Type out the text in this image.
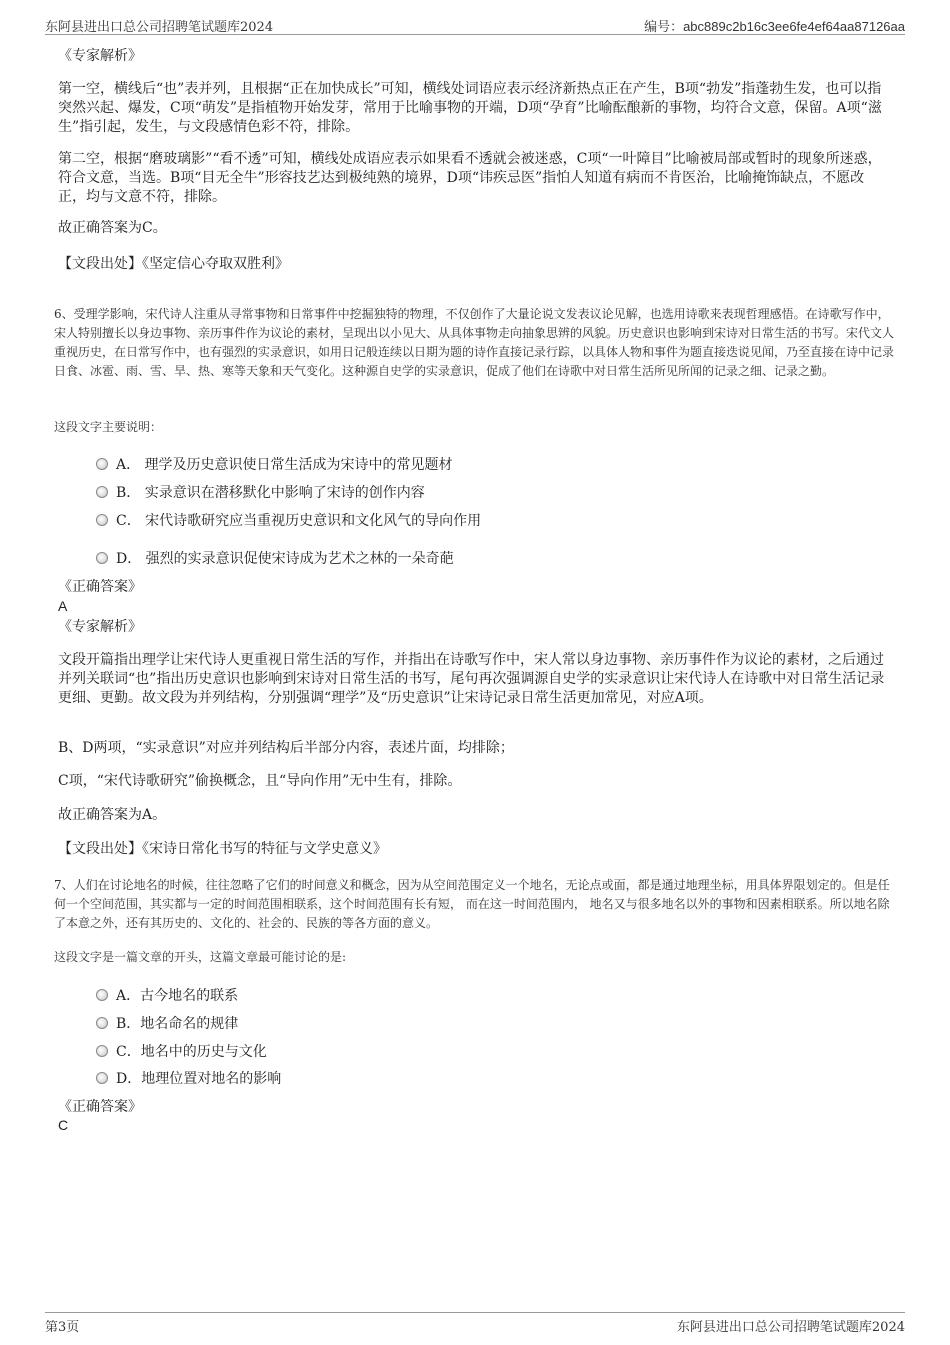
东阿县进出口总公司招聘笔试题库2024	编号：abc889c2b16c3ee6fe4ef64aa87126aa
《专家解析》
第一空，横线后“也”表并列，且根据“正在加快成长”可知，横线处词语应表示经济新热点正在产生，B项“勃发”指蓬勃生发，也可以指突然兴起、爆发，C项“萌发”是指植物开始发芽，常用于比喻事物的开端，D项“孕育”比喻酝酿新的事物，均符合文意，保留。A项“滋生”指引起，发生，与文段感情色彩不符，排除。
第二空，根据“磨玻璃影”“看不透”可知，横线处成语应表示如果看不透就会被迷惑，C项“一叶障目”比喻被局部或暂时的现象所迷惑，符合文意，当选。B项“目无全牛”形容技艺达到极纯熟的境界，D项“讳疾忌医”指怕人知道有病而不肯医治，比喻掩饰缺点，不愿改正，均与文意不符，排除。
故正确答案为C。
【文段出处】《坚定信心夺取双胜利》
6、受理学影响，宋代诗人注重从寻常事物和日常事件中挖掘独特的物理，不仅创作了大量论说文发表议论见解，也选用诗歌来表现哲理感悟。在诗歌写作中，宋人特别擅长以身边事物、亲历事件作为议论的素材，呈现出以小见大、从具体事物走向抽象思辨的风貌。历史意识也影响到宋诗对日常生活的书写。宋代文人重视历史，在日常写作中，也有强烈的实录意识，如用日记般连续以日期为题的诗作直接记录行踪，以具体人物和事件为题直接迭说见闻，乃至直接在诗中记录日食、冰雹、雨、雪、旱、热、寒等天象和天气变化。这种源自史学的实录意识，促成了他们在诗歌中对日常生活所见所闻的记录之细、记录之勤。
这段文字主要说明：
A． 理学及历史意识使日常生活成为宋诗中的常见题材
B． 实录意识在潜移默化中影响了宋诗的创作内容
C． 宋代诗歌研究应当重视历史意识和文化风气的导向作用
D． 强烈的实录意识促使宋诗成为艺术之林的一朵奇葩
《正确答案》
A
《专家解析》
文段开篇指出理学让宋代诗人更重视日常生活的写作，并指出在诗歌写作中，宋人常以身边事物、亲历事件作为议论的素材，之后通过并列关联词“也”指出历史意识也影响到宋诗对日常生活的书写，尾句再次强调源自史学的实录意识让宋代诗人在诗歌中对日常生活记录更细、更勤。故文段为并列结构，分别强调“理学”及“历史意识”让宋诗记录日常生活更加常见，对应A项。
B、D两项，“实录意识”对应并列结构后半部分内容，表述片面，均排除；
C项，“宋代诗歌研究”偷换概念，且“导向作用”无中生有，排除。
故正确答案为A。
【文段出处】《宋诗日常化书写的特征与文学史意义》
7、人们在讨论地名的时候，往往忽略了它们的时间意义和概念，因为从空间范围定义一个地名，无论点或面，都是通过地理坐标，用具体界限划定的。但是任何一个空间范围，其实都与一定的时间范围相联系，这个时间范围有长有短， 而在这一时间范围内， 地名又与很多地名以外的事物和因素相联系。所以地名除了本意之外，还有其历史的、文化的、社会的、民族的等各方面的意义。
这段文字是一篇文章的开头，这篇文章最可能讨论的是:
A．古今地名的联系
B．地名命名的规律
C．地名中的历史与文化
D．地理位置对地名的影响
《正确答案》
C
第3页	东阿县进出口总公司招聘笔试题库2024
